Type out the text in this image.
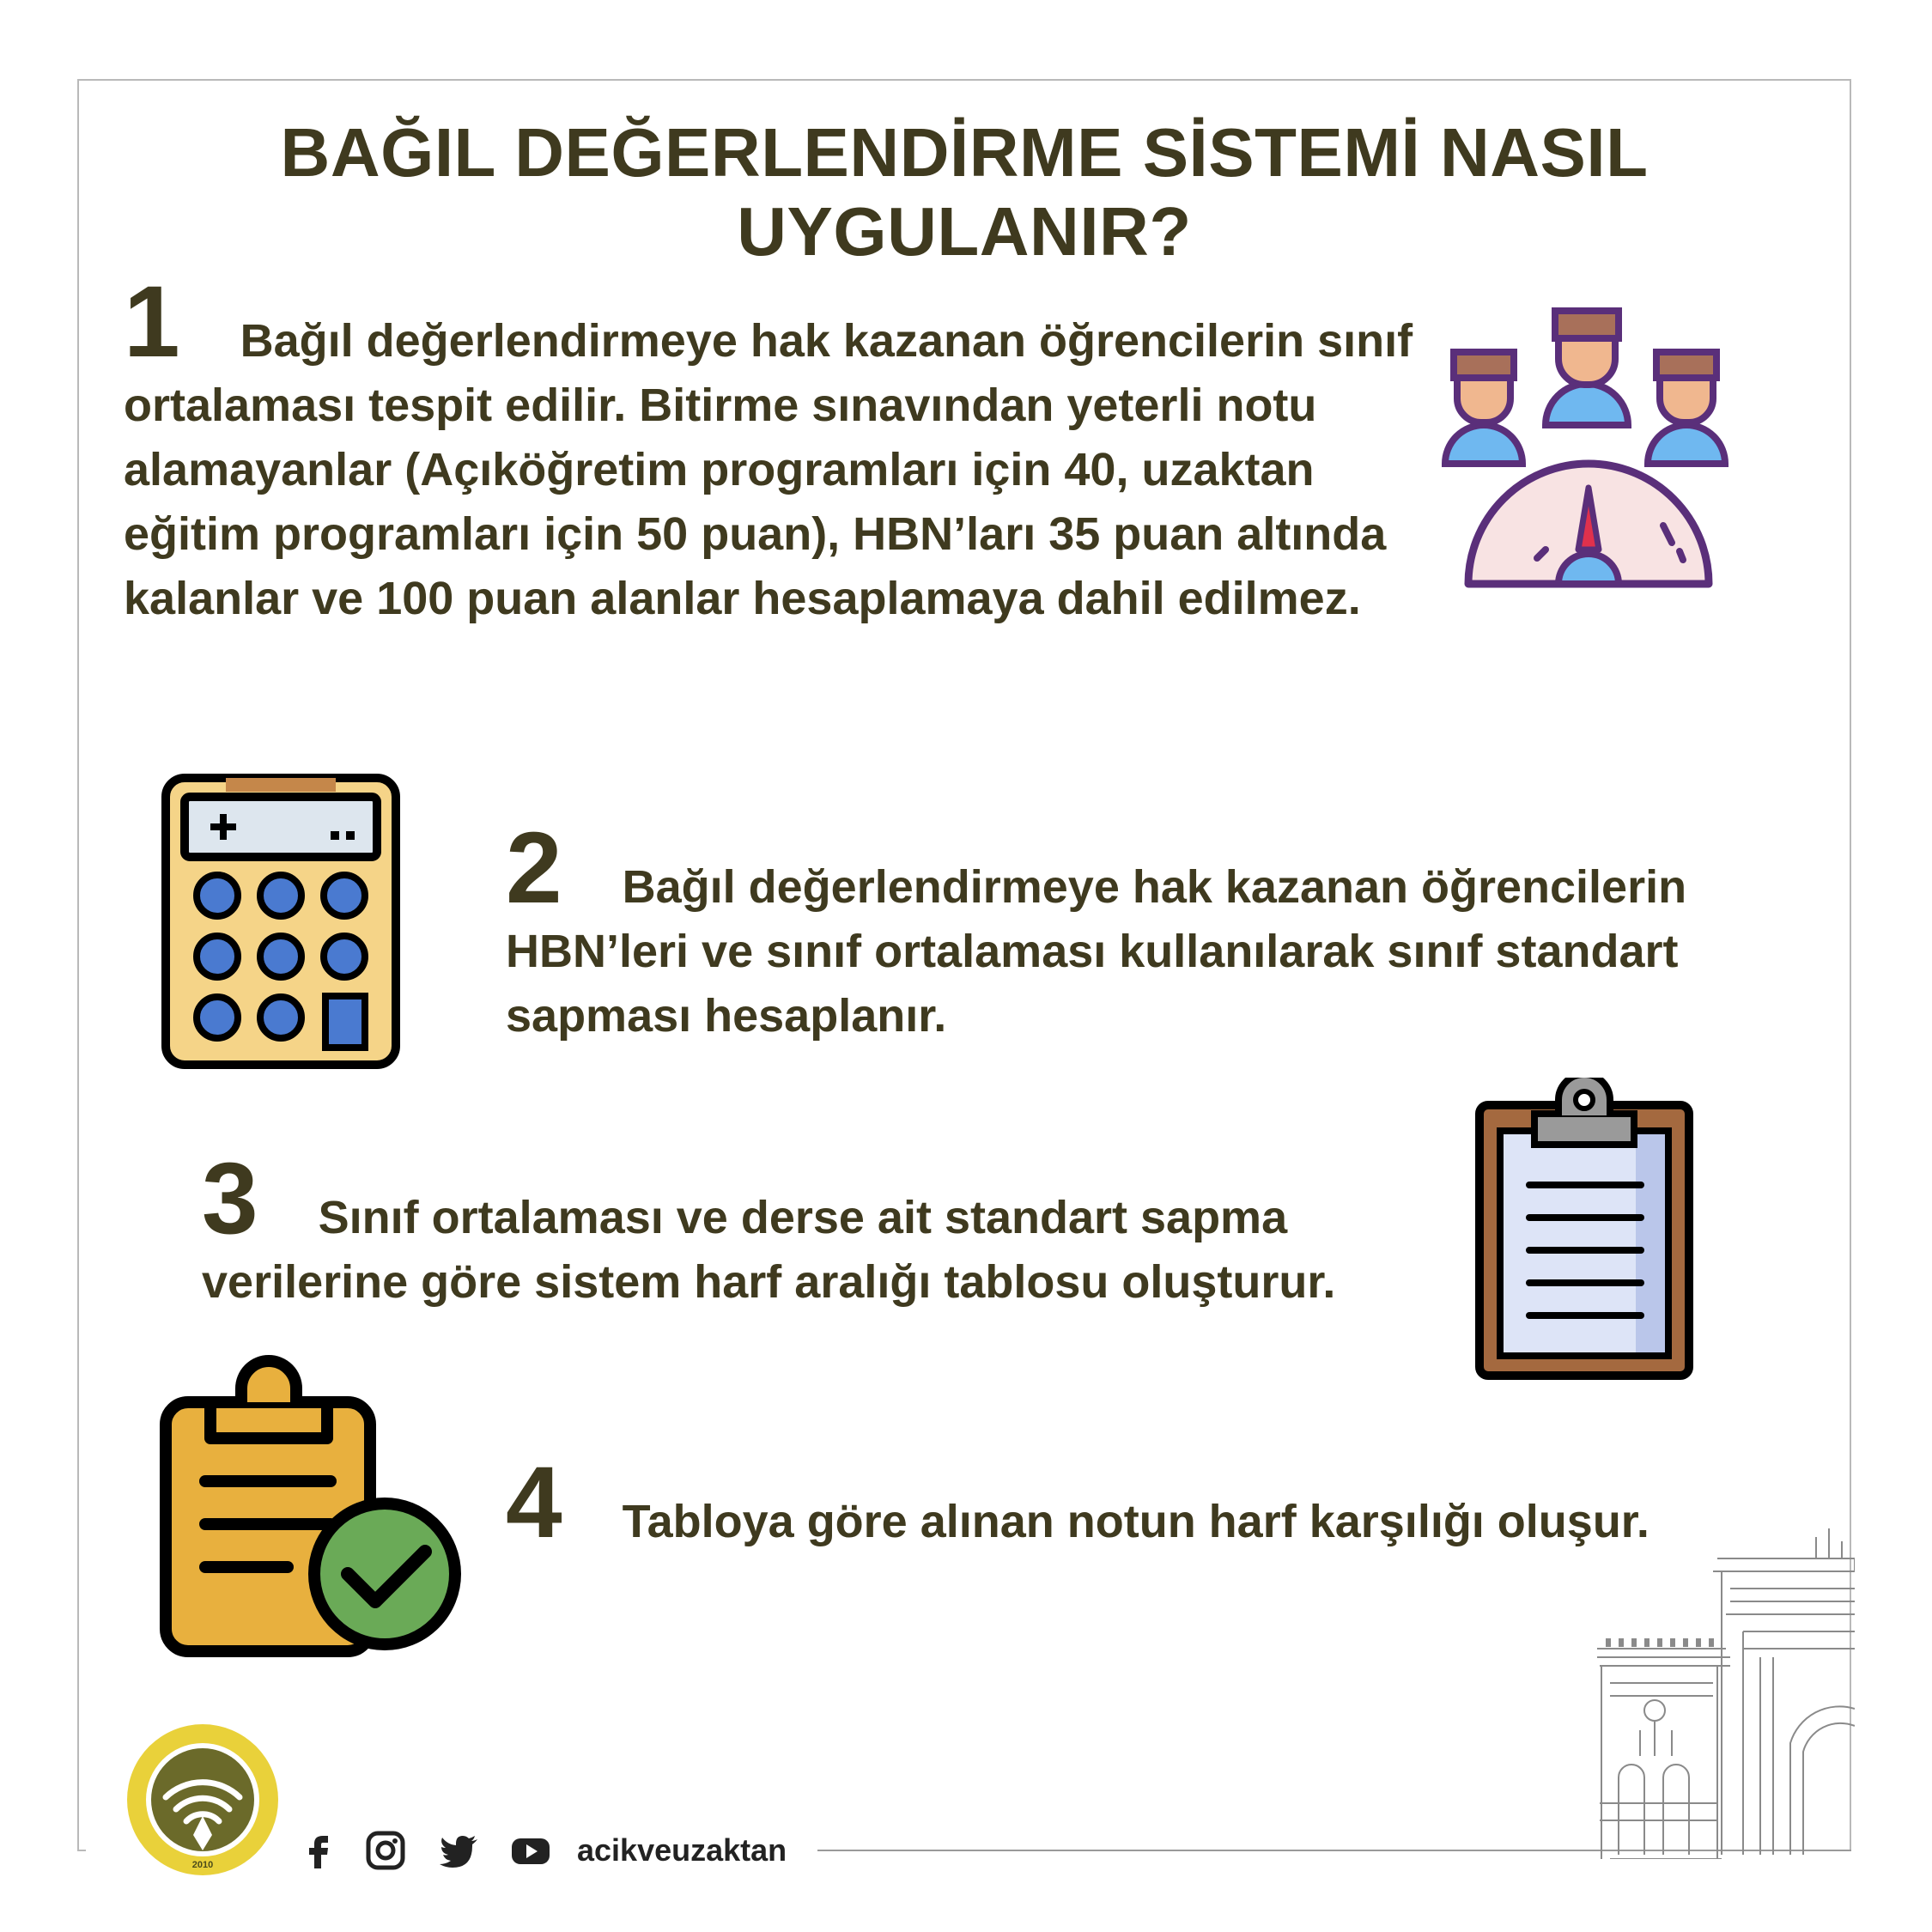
BAĞIL DEĞERLENDİRME SİSTEMİ NASIL UYGULANIR?
1 Bağıl değerlendirmeye hak kazanan öğrencilerin sınıf ortalaması tespit edilir. Bitirme sınavından yeterli notu alamayanlar (Açıköğretim programları için 40, uzaktan eğitim programları için 50 puan), HBN’ları 35 puan altında kalanlar ve 100 puan alanlar hesaplamaya dahil edilmez.
2 Bağıl değerlendirmeye hak kazanan öğrencilerin HBN’leri ve sınıf ortalaması kullanılarak sınıf standart sapması hesaplanır.
3 Sınıf ortalaması ve derse ait standart sapma verilerine göre sistem harf aralığı tablosu oluşturur.
4 Tabloya göre alınan notun harf karşılığı oluşur.
2010	acikveuzaktan
